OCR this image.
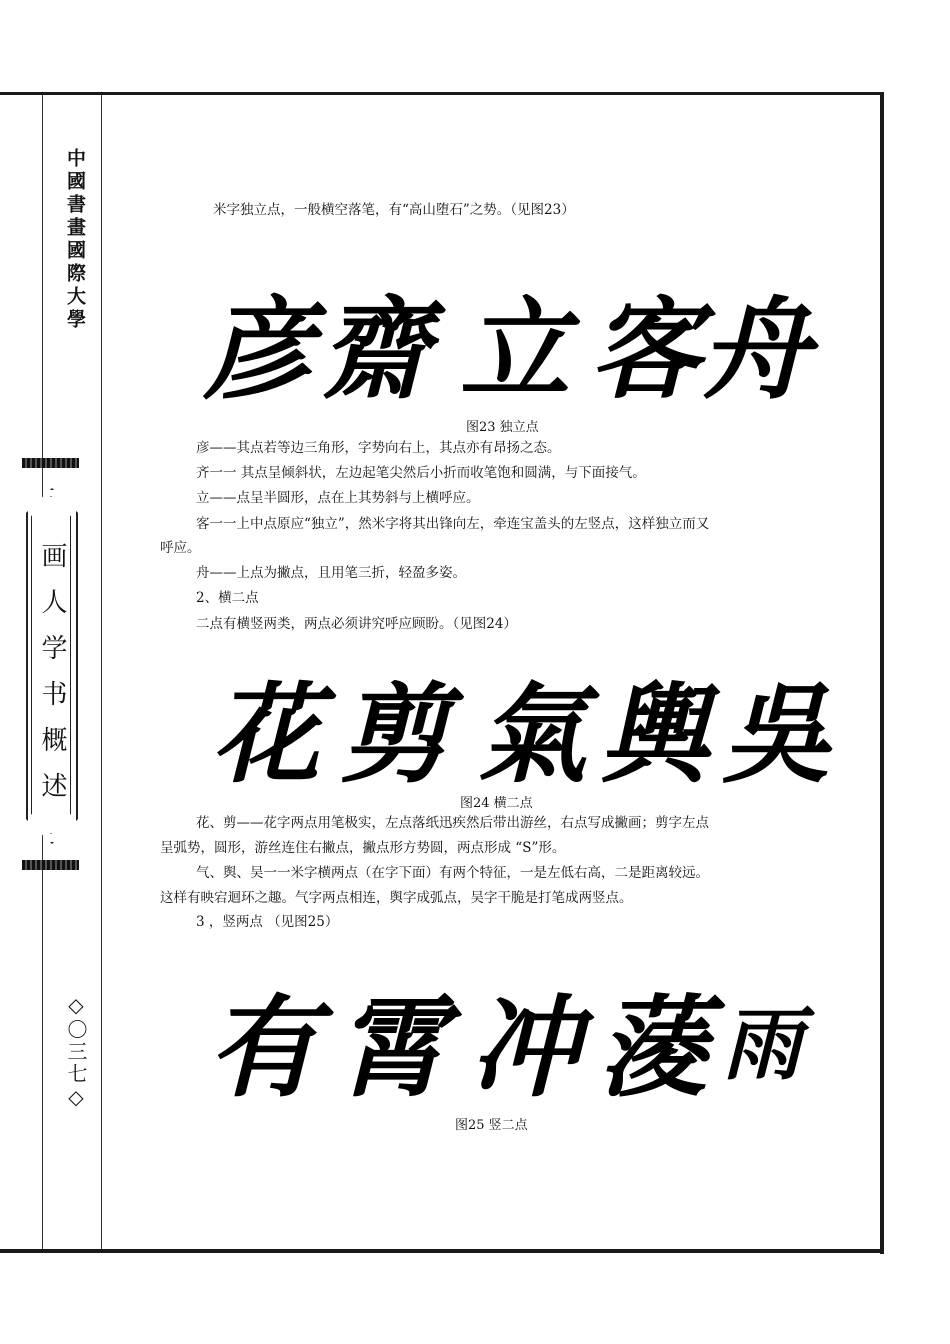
中國書畫國際大學
画人学书概述
◇〇三七◇

米字独立点，一般横空落笔，有“高山堕石”之势。（见图23）

彦 齋 立 客 舟
图23 独立点

彦——其点若等边三角形，字势向右上，其点亦有昂扬之态。

齐一一 其点呈倾斜状，左边起笔尖然后小折而收笔饱和圆满，与下面接气。

立——点呈半圆形，点在上其势斜与上横呼应。

客一一上中点原应“独立”，然米字将其出锋向左，牵连宝盖头的左竖点，这样独立而又

呼应。

舟——上点为撇点，且用笔三折，轻盈多姿。

2、横二点

二点有横竖两类，两点必须讲究呼应顾盼。（见图24）

花 剪 氣 輿 吳
图24 横二点

花、剪——花字两点用笔极实，左点落纸迅疾然后带出游丝，右点写成撇画；剪字左点

呈弧势，圆形，游丝连住右撇点，撇点形方势圆，两点形成 “S”形。

气、舆、吴一一米字横两点（在字下面）有两个特征，一是左低右高，二是距离较远。

这样有映宕迴环之趣。气字两点相连，舆字成弧点，吴字干脆是打笔成两竖点。

3 ，竖两点 （见图25）

有 霄 冲 蔆 雨
图25 竖二点
